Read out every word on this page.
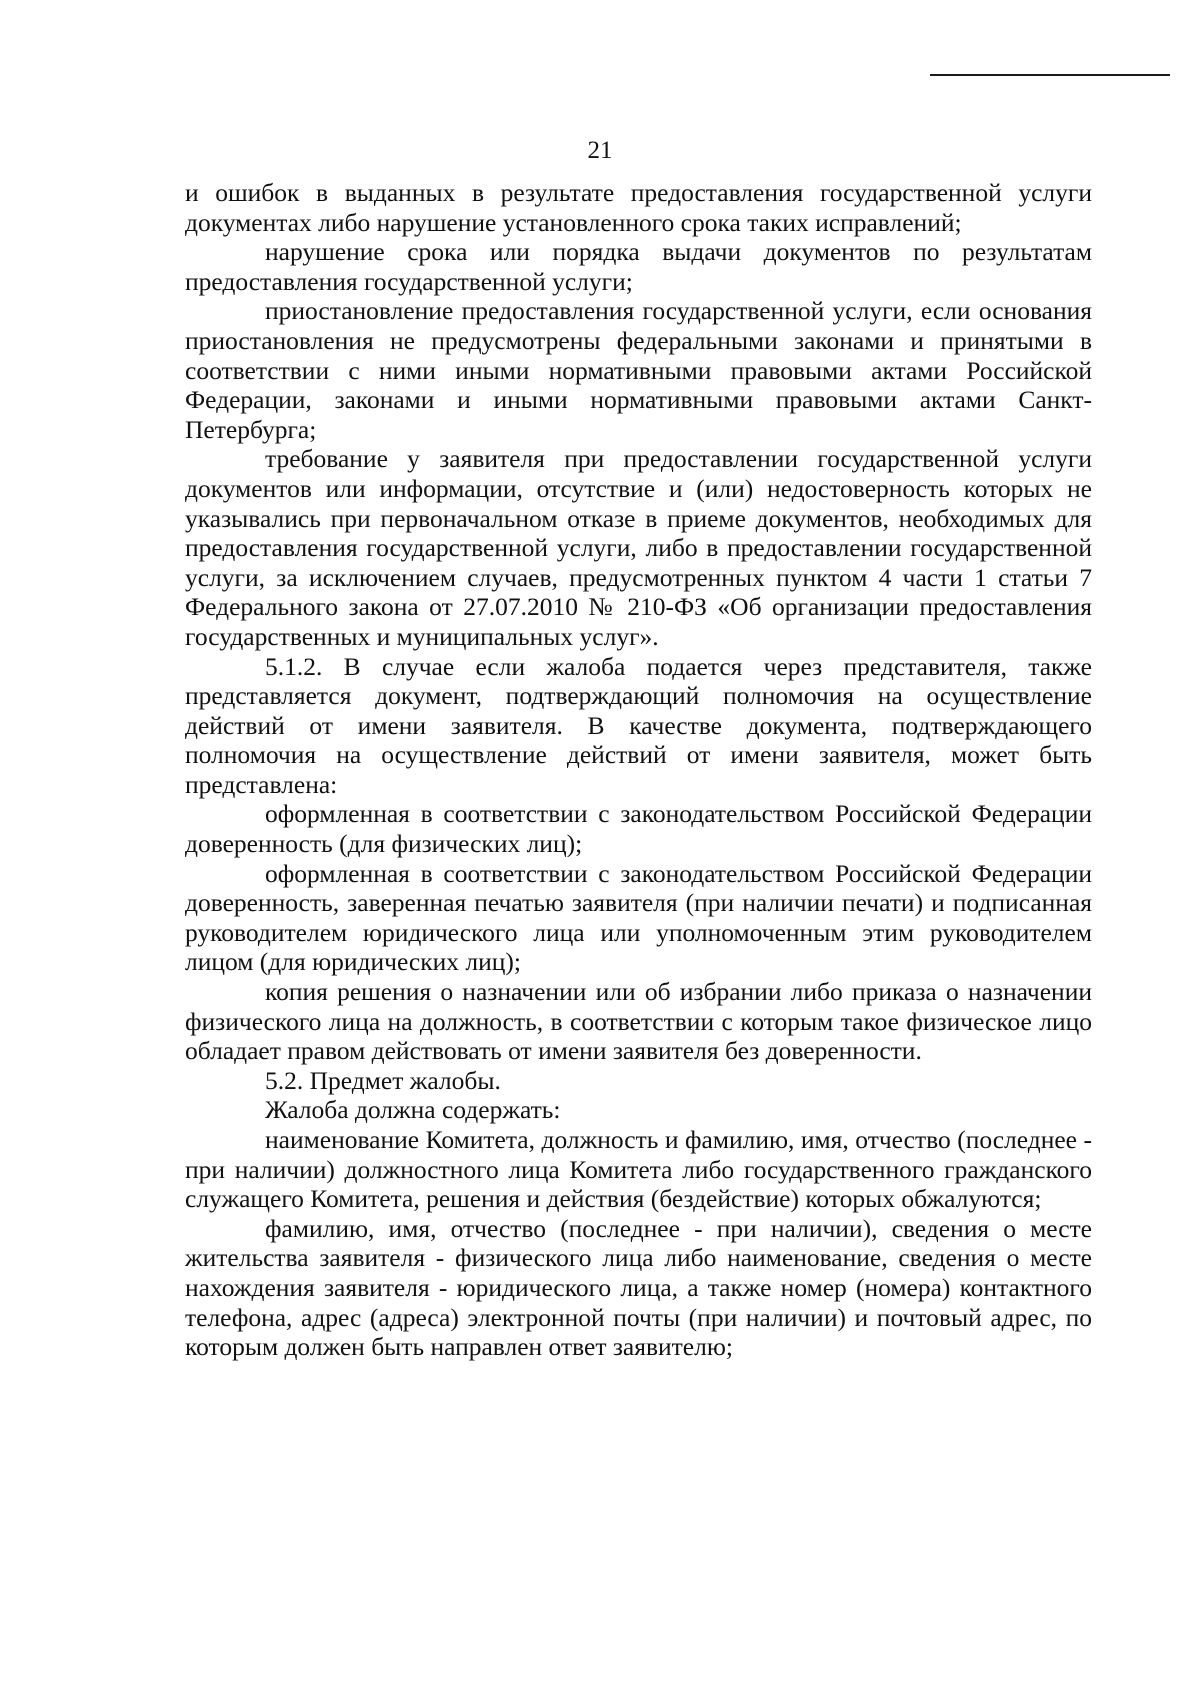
21

и ошибок в выданных в результате предоставления государственной услуги документах либо нарушение установленного срока таких исправлений;

нарушение срока или порядка выдачи документов по результатам предоставления государственной услуги;

приостановление предоставления государственной услуги, если основания приостановления не предусмотрены федеральными законами и принятыми в соответствии с ними иными нормативными правовыми актами Российской Федерации, законами и иными нормативными правовыми актами Санкт-Петербурга;

требование у заявителя при предоставлении государственной услуги документов или информации, отсутствие и (или) недостоверность которых не указывались при первоначальном отказе в приеме документов, необходимых для предоставления государственной услуги, либо в предоставлении государственной услуги, за исключением случаев, предусмотренных пунктом 4 части 1 статьи 7 Федерального закона от 27.07.2010 № 210-ФЗ «Об организации предоставления государственных и муниципальных услуг».

5.1.2. В случае если жалоба подается через представителя, также представляется документ, подтверждающий полномочия на осуществление действий от имени заявителя. В качестве документа, подтверждающего полномочия на осуществление действий от имени заявителя, может быть представлена:

оформленная в соответствии с законодательством Российской Федерации доверенность (для физических лиц);

оформленная в соответствии с законодательством Российской Федерации доверенность, заверенная печатью заявителя (при наличии печати) и подписанная руководителем юридического лица или уполномоченным этим руководителем лицом (для юридических лиц);

копия решения о назначении или об избрании либо приказа о назначении физического лица на должность, в соответствии с которым такое физическое лицо обладает правом действовать от имени заявителя без доверенности.

5.2. Предмет жалобы.

Жалоба должна содержать:

наименование Комитета, должность и фамилию, имя, отчество (последнее - при наличии) должностного лица Комитета либо государственного гражданского служащего Комитета, решения и действия (бездействие) которых обжалуются;

фамилию, имя, отчество (последнее - при наличии), сведения о месте жительства заявителя - физического лица либо наименование, сведения о месте нахождения заявителя - юридического лица, а также номер (номера) контактного телефона, адрес (адреса) электронной почты (при наличии) и почтовый адрес, по которым должен быть направлен ответ заявителю;
